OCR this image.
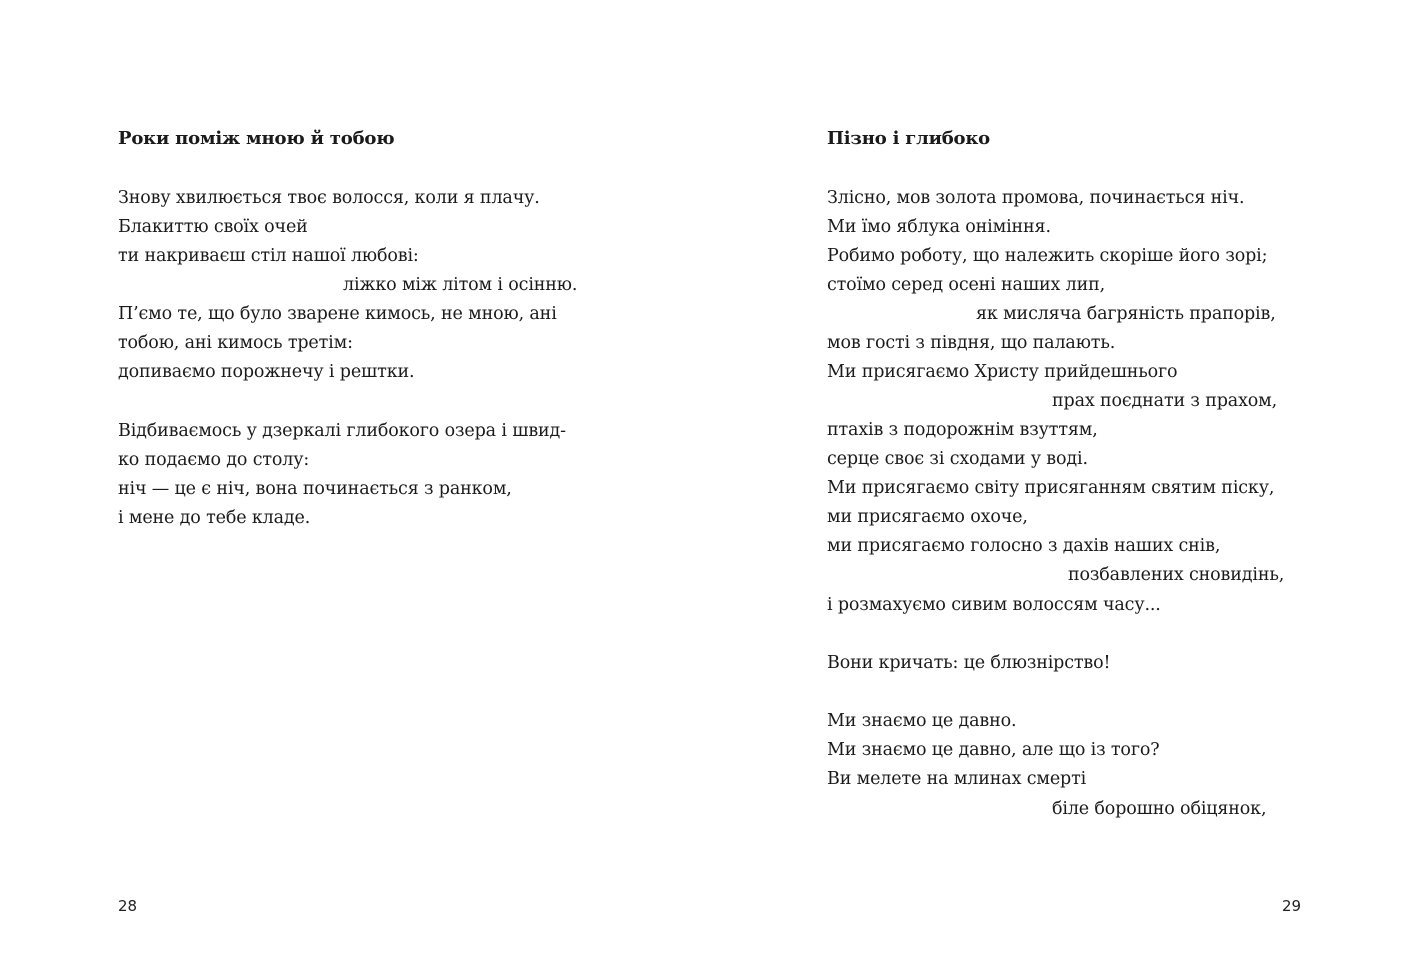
Роки поміж мною й тобою
Знову хвилюється твоє волосся, коли я плачу.
Блакиттю своїх очей
ти накриваєш стіл нашої любові:
ліжко між літом і осінню.
П’ємо те, що було зварене кимось, не мною, ані
тобою, ані кимось третім:
допиваємо порожнечу і рештки.
Відбиваємось у дзеркалі глибокого озера і швид-
ко подаємо до столу:
ніч — це є ніч, вона починається з ранком,
і мене до тебе кладе.
28
Пізно і глибоко
Злісно, мов золота промова, починається ніч.
Ми їмо яблука оніміння.
Робимо роботу, що належить скоріше його зорі;
стоїмо серед осені наших лип,
як мисляча багряність прапорів,
мов гості з півдня, що палають.
Ми присягаємо Христу прийдешнього
прах поєднати з прахом,
птахів з подорожнім взуттям,
серце своє зі сходами у воді.
Ми присягаємо світу присяганням святим піску,
ми присягаємо охоче,
ми присягаємо голосно з дахів наших снів,
позбавлених сновидінь,
і розмахуємо сивим волоссям часу...
Вони кричать: це блюзнірство!
Ми знаємо це давно.
Ми знаємо це давно, але що із того?
Ви мелете на млинах смерті
біле борошно обіцянок,
29
